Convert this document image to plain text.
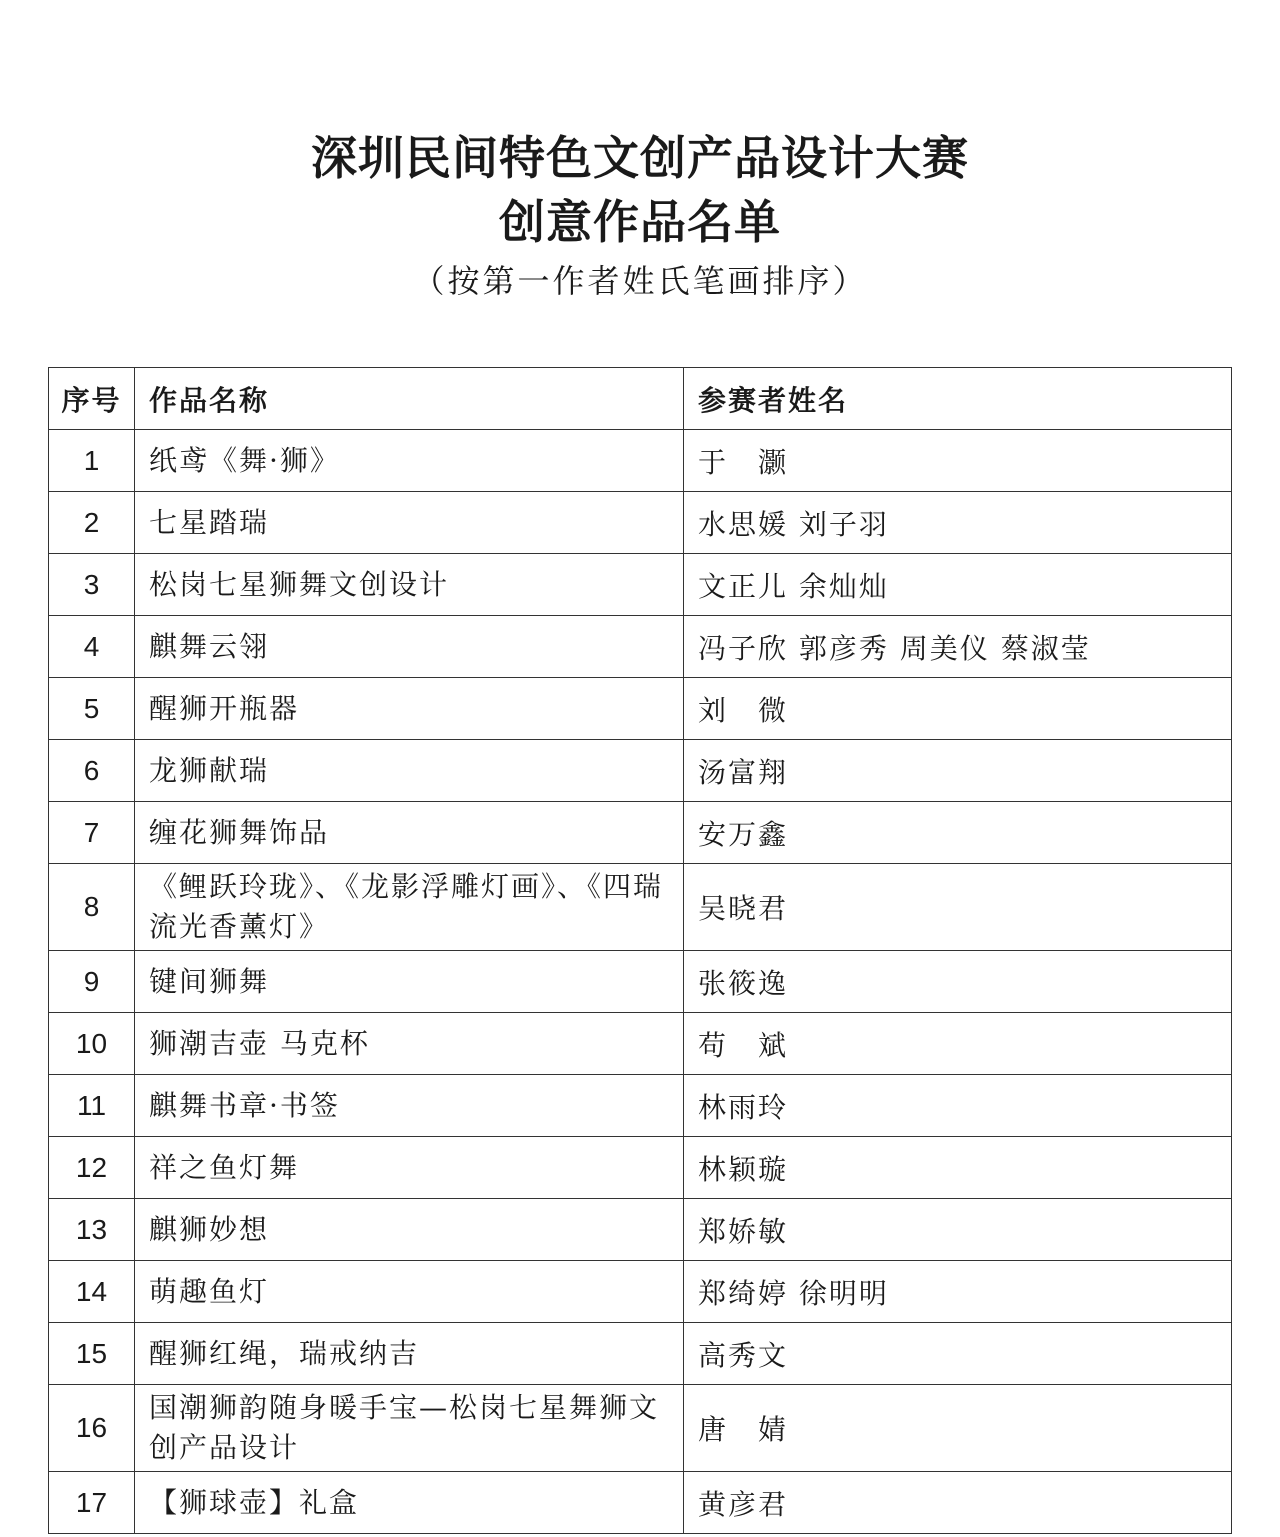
深圳民间特色文创产品设计大赛
创意作品名单

（按第一作者姓氏笔画排序）

序号	作品名称	参赛者姓名
1	纸鸢《舞·狮》	于　灏
2	七星踏瑞	水思媛 刘子羽
3	松岗七星狮舞文创设计	文正儿 余灿灿
4	麒舞云翎	冯子欣 郭彦秀 周美仪 蔡淑莹
5	醒狮开瓶器	刘　微
6	龙狮献瑞	汤富翔
7	缠花狮舞饰品	安万鑫
8	《鲤跃玲珑》、《龙影浮雕灯画》、《四瑞流光香薰灯》	吴晓君
9	键间狮舞	张筱逸
10	狮潮吉壶 马克杯	苟　斌
11	麒舞书章·书签	林雨玲
12	祥之鱼灯舞	林颖璇
13	麒狮妙想	郑娇敏
14	萌趣鱼灯	郑绮婷 徐明明
15	醒狮红绳，瑞戒纳吉	高秀文
16	国潮狮韵随身暖手宝—松岗七星舞狮文创产品设计	唐　婧
17	【狮球壶】礼盒	黄彦君
